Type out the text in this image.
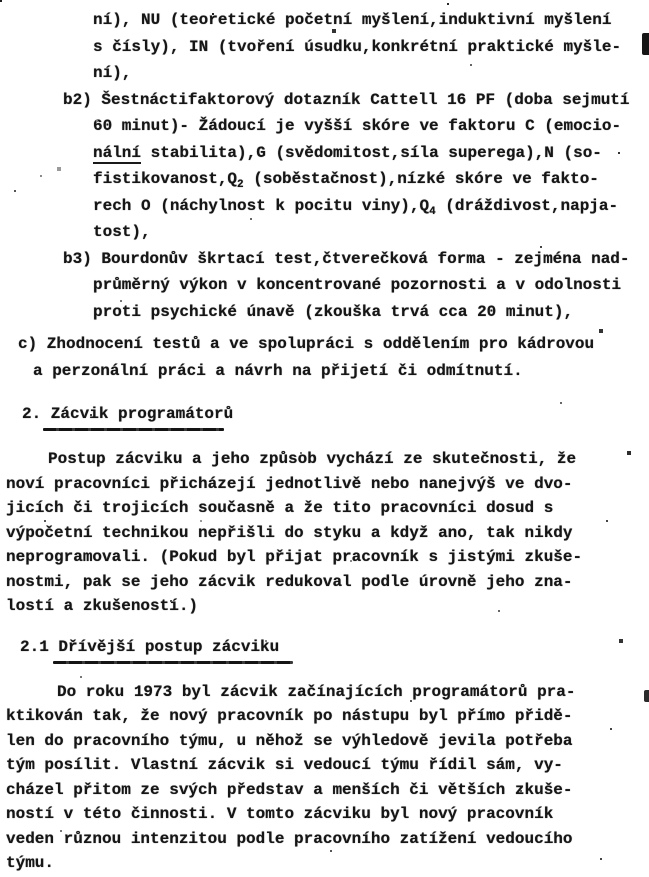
ní), NU (teoretické početní myšlení,induktivní myšlení
s čísly), IN (tvoření úsudku,konkrétní praktické myšle-
ní),
b2) Šestnáctifaktorový dotazník Cattell 16 PF (doba sejmutí
60 minut)- Žádoucí je vyšší skóre ve faktoru C (emocio-
nální stabilita),G (svědomitost,síla superega),N (so-
$fistikovanost,Q_2$ (soběstačnost),nízké skóre ve fakto-
rech O (náchylnost k pocitu $viny),Q_4$ (dráždivost,napja-
tost),
b3) Bourdonův škrtací test,čtverečková forma - zejména nad-
průměrný výkon v koncentrované pozornosti a v odolnosti
proti psychické únavě (zkouška trvá cca 20 minut),
c) Zhodnocení testů a ve spolupráci s oddělením pro kádrovou
a perzonální práci a návrh na přijetí či odmítnutí.
2. Zácvik programátorů
Postup zácviku a jeho způsob vychází ze skutečnosti, že
noví pracovníci přicházejí jednotlivě nebo nanejvýš ve dvo-
jicích či trojicích současně a že tito pracovníci dosud s
výpočetní technikou nepřišli do styku a když ano, tak nikdy
neprogramovali. (Pokud byl přijat pracovník s jistými zkuše-
nostmi, pak se jeho zácvik redukoval podle úrovně jeho zna-
lostí a zkušeností.)
2.1 Dřívější postup zácviku
Do roku 1973 byl zácvik začínajících programátorů pra-
ktikován tak, že nový pracovník po nástupu byl přímo přidě-
len do pracovního týmu, u něhož se výhledově jevila potřeba
tým posílit. Vlastní zácvik si vedoucí týmu řídil sám, vy-
cházel přitom ze svých představ a menších či větších zkuše-
ností v této činnosti. V tomto zácviku byl nový pracovník
veden různou intenzitou podle pracovního zatížení vedoucího
týmu.
